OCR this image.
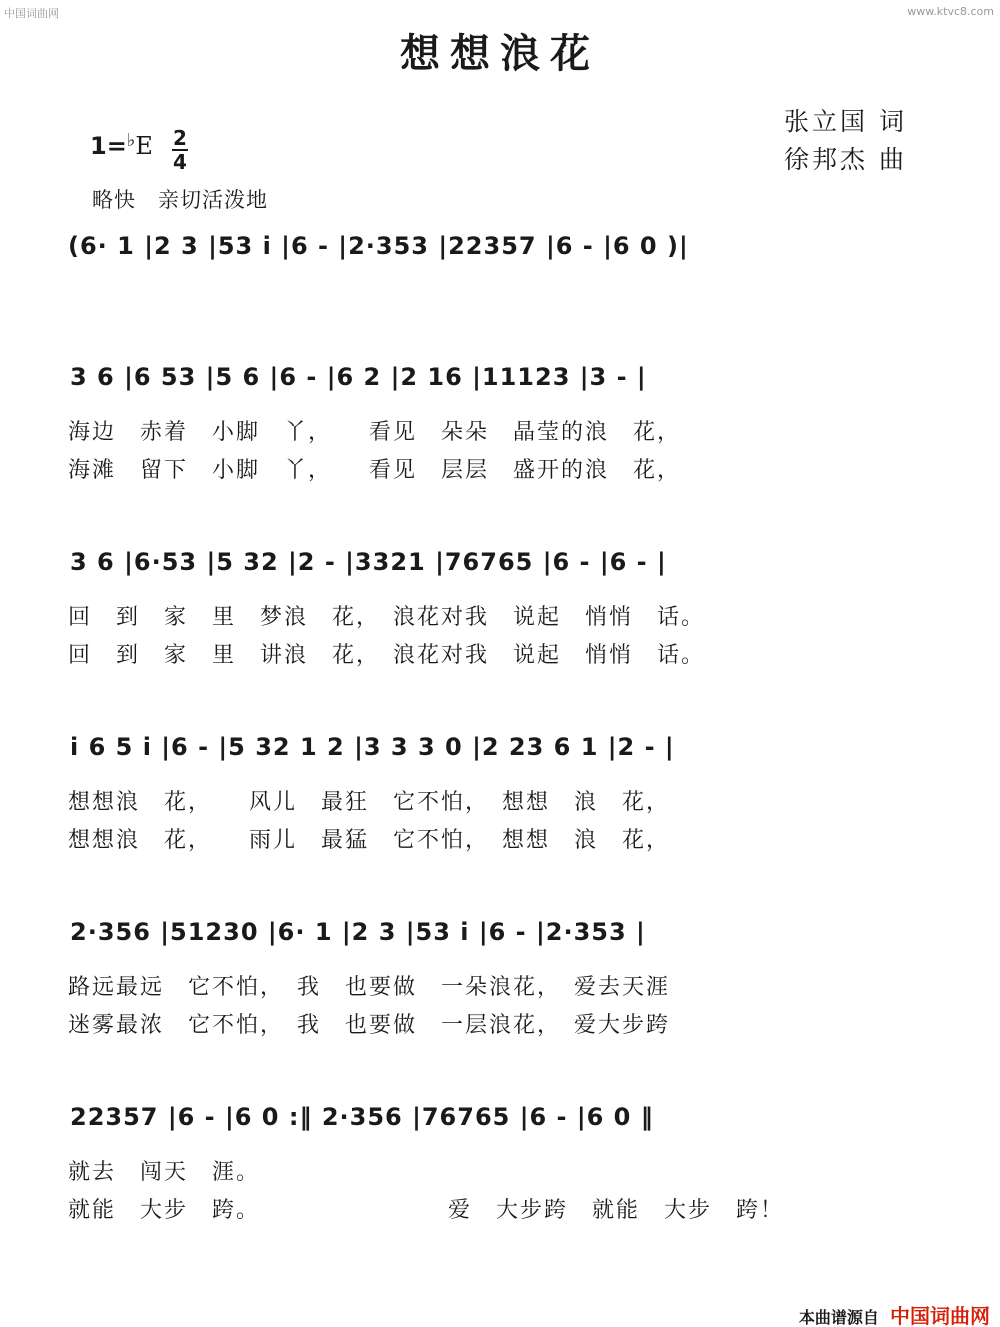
中国词曲网	www.ktvc8.com
想想浪花
张立国 词
徐邦杰 曲
1=♭E 2
4
略快　亲切活泼地
(6· 1 |2 3 |53 i |6 - |2·353 |22357 |6 - |6 0 )|
3 6 |6 53 |5 6 |6 - |6 2 |2 16 |11123 |3 - |
海边　赤着　小脚　丫，　　看见　朵朵　晶莹的浪　花，
海滩　留下　小脚　丫，　　看见　层层　盛开的浪　花，
3 6 |6·53 |5 32 |2 - |3321 |76765 |6 - |6 - |
回　到　家　里　梦浪　花，　浪花对我　说起　悄悄　话。
回　到　家　里　讲浪　花，　浪花对我　说起　悄悄　话。
i 6 5 i |6 - |5 32 1 2 |3 3 3 0 |2 23 6 1 |2 - |
想想浪　花，　　风儿　最狂　它不怕，　想想　浪　花，
想想浪　花，　　雨儿　最猛　它不怕，　想想　浪　花，
2·356 |51230 |6· 1 |2 3 |53 i |6 - |2·353 |
路远最远　它不怕，　我　也要做　一朵浪花，　爱去天涯
迷雾最浓　它不怕，　我　也要做　一层浪花，　爱大步跨
22357 |6 - |6 0 :‖ 2·356 |76765 |6 - |6 0 ‖
就去　闯天　涯。
就能　大步　跨。	爱　大步跨　就能　大步　跨！
本曲谱源自 中国词曲网
